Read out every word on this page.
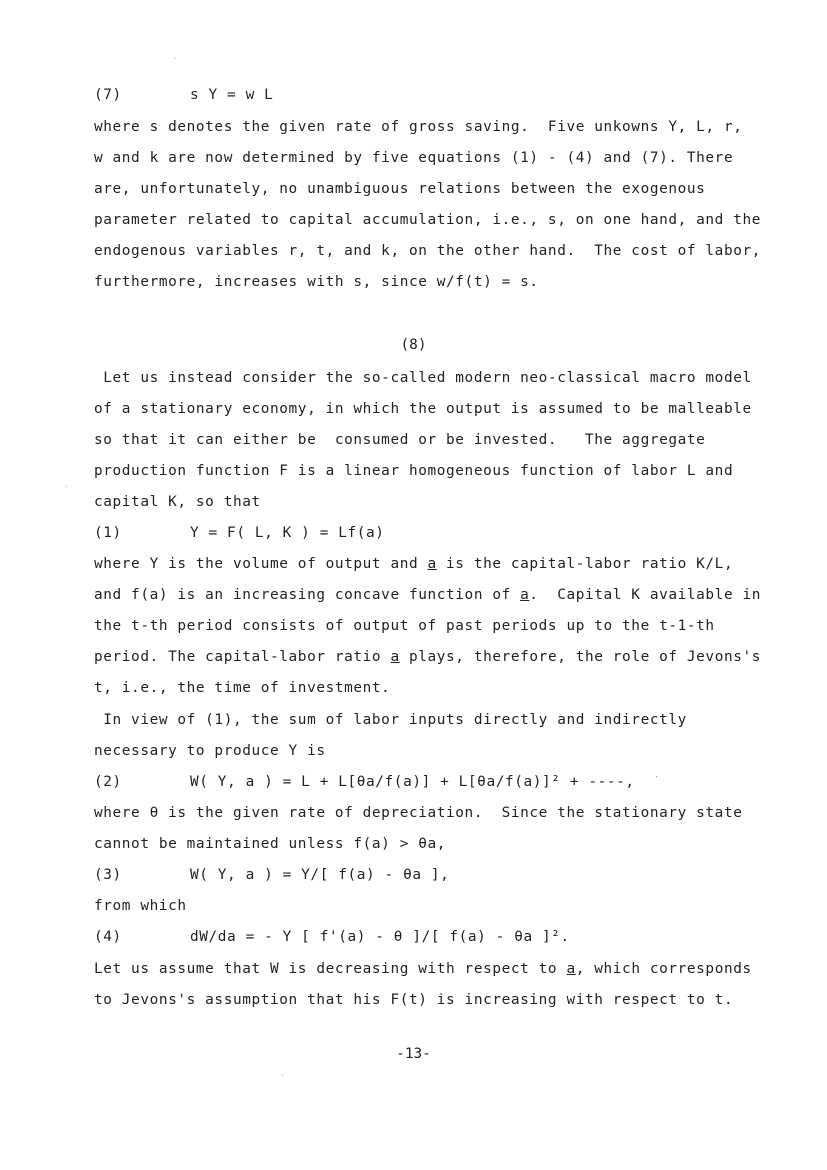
(7)	s Y = w L
where s denotes the given rate of gross saving.  Five unkowns Y, L, r,
w and k are now determined by five equations (1) - (4) and (7). There
are, unfortunately, no unambiguous relations between the exogenous
parameter related to capital accumulation, i.e., s, on one hand, and the
endogenous variables r, t, and k, on the other hand.  The cost of labor,
furthermore, increases with s, since w/f(t) = s.
Let us instead consider the so-called modern neo-classical macro model
of a stationary economy, in which the output is assumed to be malleable
so that it can either be  consumed or be invested.   The aggregate
production function F is a linear homogeneous function of labor L and
capital K, so that
(1)	Y = F( L, K ) = Lf(a)
where Y is the volume of output and a is the capital-labor ratio K/L,
and f(a) is an increasing concave function of a.  Capital K available in
the t-th period consists of output of past periods up to the t-1-th
period. The capital-labor ratio a plays, therefore, the role of Jevons's
t, i.e., the time of investment.
In view of (1), the sum of labor inputs directly and indirectly
necessary to produce Y is
(2)	W( Y, a ) = L + L[θa/f(a)] + L[θa/f(a)]² + ----,
where θ is the given rate of depreciation.  Since the stationary state
cannot be maintained unless f(a) > θa,
(3)	W( Y, a ) = Y/[ f(a) - θa ],
from which
(4)	dW/da = - Y [ f'(a) - θ ]/[ f(a) - θa ]².
Let us assume that W is decreasing with respect to a, which corresponds
to Jevons's assumption that his F(t) is increasing with respect to t.
(8)
-13-
